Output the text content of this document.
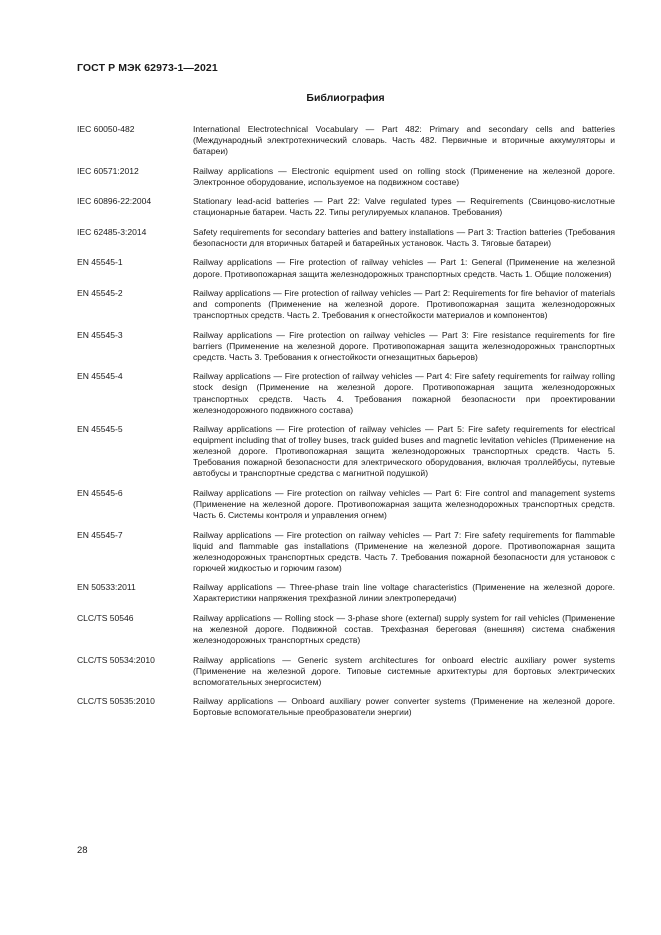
ГОСТ Р МЭК 62973-1—2021
Библиография
IEC 60050-482	International Electrotechnical Vocabulary — Part 482: Primary and secondary cells and batteries (Международный электротехнический словарь. Часть 482. Первичные и вторичные аккумуляторы и батареи)
IEC 60571:2012	Railway applications — Electronic equipment used on rolling stock (Применение на железной дороге. Электронное оборудование, используемое на подвижном составе)
IEC 60896-22:2004	Stationary lead-acid batteries — Part 22: Valve regulated types — Requirements (Свинцово-кислотные стационарные батареи. Часть 22. Типы регулируемых клапанов. Требования)
IEC 62485-3:2014	Safety requirements for secondary batteries and battery installations — Part 3: Traction batteries (Требования безопасности для вторичных батарей и батарейных установок. Часть 3. Тяговые батареи)
EN 45545-1	Railway applications — Fire protection of railway vehicles — Part 1: General (Применение на железной дороге. Противопожарная защита железнодорожных транспортных средств. Часть 1. Общие положения)
EN 45545-2	Railway applications — Fire protection of railway vehicles — Part 2: Requirements for fire behavior of materials and components (Применение на железной дороге. Противопожарная защита железнодорожных транспортных средств. Часть 2. Требования к огнестойкости материалов и компонентов)
EN 45545-3	Railway applications — Fire protection on railway vehicles — Part 3: Fire resistance requirements for fire barriers (Применение на железной дороге. Противопожарная защита железнодорожных транспортных средств. Часть 3. Требования к огнестойкости огнезащитных барьеров)
EN 45545-4	Railway applications — Fire protection of railway vehicles — Part 4: Fire safety requirements for railway rolling stock design (Применение на железной дороге. Противопожарная защита железнодорожных транспортных средств. Часть 4. Требования пожарной безопасности при проектировании железнодорожного подвижного состава)
EN 45545-5	Railway applications — Fire protection of railway vehicles — Part 5: Fire safety requirements for electrical equipment including that of trolley buses, track guided buses and magnetic levitation vehicles (Применение на железной дороге. Противопожарная защита железнодорожных транспортных средств. Часть 5. Требования пожарной безопасности для электрического оборудования, включая троллейбусы, путевые автобусы и транспортные средства с магнитной подушкой)
EN 45545-6	Railway applications — Fire protection on railway vehicles — Part 6: Fire control and management systems (Применение на железной дороге. Противопожарная защита железнодорожных транспортных средств. Часть 6. Системы контроля и управления огнем)
EN 45545-7	Railway applications — Fire protection on railway vehicles — Part 7: Fire safety requirements for flammable liquid and flammable gas installations (Применение на железной дороге. Противопожарная защита железнодорожных транспортных средств. Часть 7. Требования пожарной безопасности для установок с горючей жидкостью и горючим газом)
EN 50533:2011	Railway applications — Three-phase train line voltage characteristics (Применение на железной дороге. Характеристики напряжения трехфазной линии электропередачи)
CLC/TS 50546	Railway applications — Rolling stock — 3-phase shore (external) supply system for rail vehicles (Применение на железной дороге. Подвижной состав. Трехфазная береговая (внешняя) система снабжения железнодорожных транспортных средств)
CLC/TS 50534:2010	Railway applications — Generic system architectures for onboard electric auxiliary power systems (Применение на железной дороге. Типовые системные архитектуры для бортовых электрических вспомогательных энергосистем)
CLC/TS 50535:2010	Railway applications — Onboard auxiliary power converter systems (Применение на железной дороге. Бортовые вспомогательные преобразователи энергии)
28
